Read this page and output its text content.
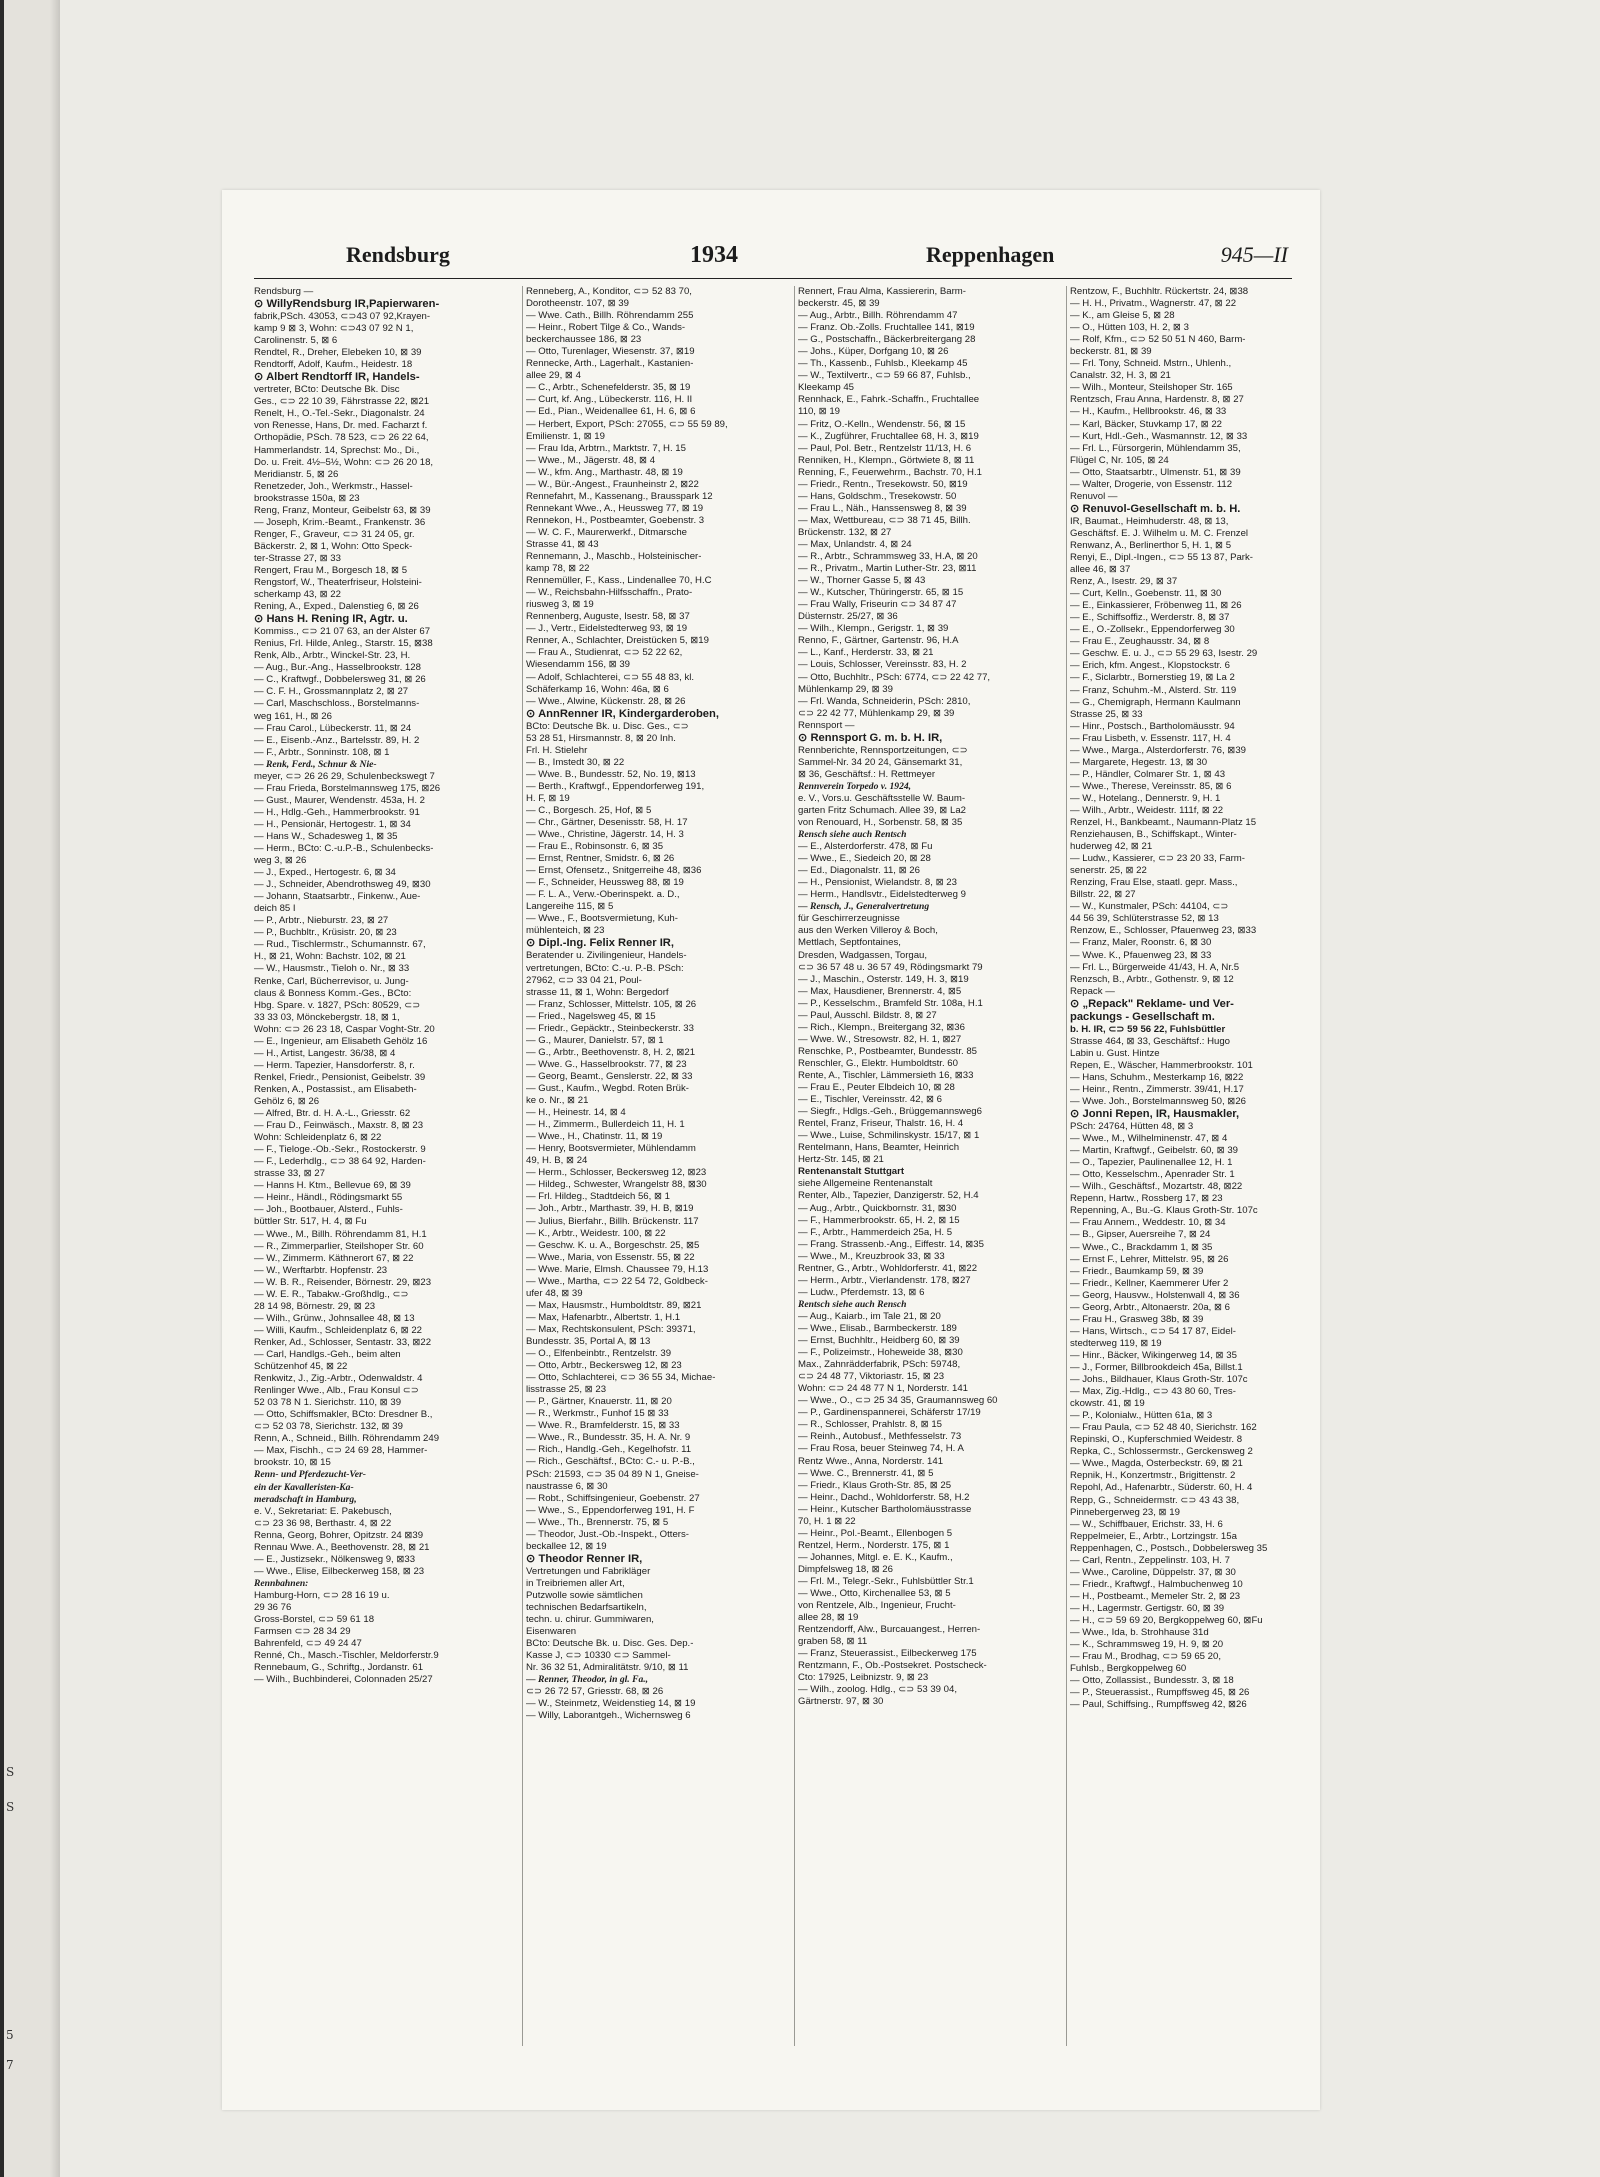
S
S
5
7
Rendsburg	1934	Reppenhagen	945—II
Rendsburg —
⊙ WillyRendsburg IR,Papierwaren-
fabrik,PSch. 43053, ⊂⊃43 07 92,Krayen-
kamp 9 ⊠ 3, Wohn: ⊂⊃43 07 92 N 1,
Carolinenstr. 5, ⊠ 6
Rendtel, R., Dreher, Elebeken 10, ⊠ 39
Rendtorff, Adolf, Kaufm., Heidestr. 18
⊙ Albert Rendtorff IR, Handels-
vertreter, BCto: Deutsche Bk. Disc
Ges., ⊂⊃ 22 10 39, Fährstrasse 22, ⊠21
Renelt, H., O.-Tel.-Sekr., Diagonalstr. 24
von Renesse, Hans, Dr. med. Facharzt f.
Orthopädie, PSch. 78 523, ⊂⊃ 26 22 64,
Hammerlandstr. 14, Sprechst: Mo., Di.,
Do. u. Freit. 4½–5½, Wohn: ⊂⊃ 26 20 18,
Meridianstr. 5, ⊠ 26
Renetzeder, Joh., Werkmstr., Hassel-
brookstrasse 150a, ⊠ 23
Reng, Franz, Monteur, Geibelstr 63, ⊠ 39
— Joseph, Krim.-Beamt., Frankenstr. 36
Renger, F., Graveur, ⊂⊃ 31 24 05, gr.
Bäckerstr. 2, ⊠ 1, Wohn: Otto Speck-
ter-Strasse 27, ⊠ 33
Rengert, Frau M., Borgesch 18, ⊠ 5
Rengstorf, W., Theaterfriseur, Holsteini-
scherkamp 43, ⊠ 22
Rening, A., Exped., Dalenstieg 6, ⊠ 26
⊙ Hans H. Rening IR, Agtr. u.
Kommiss., ⊂⊃ 21 07 63, an der Alster 67
Renius, Frl. Hilde, Anleg., Starstr. 15, ⊠38
Renk, Alb., Arbtr., Winckel-Str. 23, H.
— Aug., Bur.-Ang., Hasselbrookstr. 128
— C., Kraftwgf., Dobbelersweg 31, ⊠ 26
— C. F. H., Grossmannplatz 2, ⊠ 27
— Carl, Maschschloss., Borstelmanns-
weg 161, H., ⊠ 26
— Frau Carol., Lübeckerstr. 11, ⊠ 24
— E., Eisenb.-Anz., Bartelsstr. 89, H. 2
— F., Arbtr., Sonninstr. 108, ⊠ 1
— Renk, Ferd., Schnur & Nie-
meyer, ⊂⊃ 26 26 29, Schulenbeckswegt 7
— Frau Frieda, Borstelmannsweg 175, ⊠26
— Gust., Maurer, Wendenstr. 453a, H. 2
— H., Hdlg.-Geh., Hammerbrookstr. 91
— H., Pensionär, Hertogestr. 1, ⊠ 34
— Hans W., Schadesweg 1, ⊠ 35
— Herm., BCto: C.-u.P.-B., Schulenbecks-
weg 3, ⊠ 26
— J., Exped., Hertogestr. 6, ⊠ 34
— J., Schneider, Abendrothsweg 49, ⊠30
— Johann, Staatsarbtr., Finkenw., Aue-
deich 85 I
— P., Arbtr., Nieburstr. 23, ⊠ 27
— P., Buchbltr., Krüsistr. 20, ⊠ 23
— Rud., Tischlermstr., Schumannstr. 67,
H., ⊠ 21, Wohn: Bachstr. 102, ⊠ 21
— W., Hausmstr., Tieloh o. Nr., ⊠ 33
Renke, Carl, Bücherrevisor, u. Jung-
claus & Bonness Komm.-Ges., BCto:
Hbg. Spare. v. 1827, PSch: 80529, ⊂⊃
33 33 03, Mönckebergstr. 18, ⊠ 1,
Wohn: ⊂⊃ 26 23 18, Caspar Voght-Str. 20
— E., Ingenieur, am Elisabeth Gehölz 16
— H., Artist, Langestr. 36/38, ⊠ 4
— Herm. Tapezier, Hansdorferstr. 8, r.
Renkel, Friedr., Pensionist, Geibelstr. 39
Renken, A., Postassist., am Elisabeth-
Gehölz 6, ⊠ 26
— Alfred, Btr. d. H. A.-L., Griesstr. 62
— Frau D., Feinwäsch., Maxstr. 8, ⊠ 23
Wohn: Schleidenplatz 6, ⊠ 22
— F., Tieloge.-Ob.-Sekr., Rostockerstr. 9
— F., Lederhdlg., ⊂⊃ 38 64 92, Harden-
strasse 33, ⊠ 27
— Hanns H. Ktm., Bellevue 69, ⊠ 39
— Heinr., Händl., Rödingsmarkt 55
— Joh., Bootbauer, Alsterd., Fuhls-
büttler Str. 517, H. 4, ⊠ Fu
— Wwe., M., Billh. Röhrendamm 81, H.1
— R., Zimmerparlier, Steilshoper Str. 60
— W., Zimmerm. Käthnerort 67, ⊠ 22
— W., Werftarbtr. Hopfenstr. 23
— W. B. R., Reisender, Börnestr. 29, ⊠23
— W. E. R., Tabakw.-Großhdlg., ⊂⊃
28 14 98, Börnestr. 29, ⊠ 23
— Wilh., Grünw., Johnsallee 48, ⊠ 13
— Willi, Kaufm., Schleidenplatz 6, ⊠ 22
Renker, Ad., Schlosser, Sentastr. 33, ⊠22
— Carl, Handlgs.-Geh., beim alten
Schützenhof 45, ⊠ 22
Renkwitz, J., Zig.-Arbtr., Odenwaldstr. 4
Renlinger Wwe., Alb., Frau Konsul ⊂⊃
52 03 78 N 1. Sierichstr. 110, ⊠ 39
— Otto, Schiffsmakler, BCto: Dresdner B.,
⊂⊃ 52 03 78, Sierichstr. 132, ⊠ 39
Renn, A., Schneid., Billh. Röhrendamm 249
— Max, Fischh., ⊂⊃ 24 69 28, Hammer-
brookstr. 10, ⊠ 15
Renn- und Pferdezucht-Ver-
ein der Kavalleristen-Ka-
meradschaft in Hamburg,
e. V., Sekretariat: E. Pakebusch,
⊂⊃ 23 36 98, Berthastr. 4, ⊠ 22
Renna, Georg, Bohrer, Opitzstr. 24 ⊠39
Rennau Wwe. A., Beethovenstr. 28, ⊠ 21
— E., Justizsekr., Nölkensweg 9, ⊠33
— Wwe., Elise, Eilbeckerweg 158, ⊠ 23
Rennbahnen:
Hamburg-Horn, ⊂⊃ 28 16 19 u.
29 36 76
Gross-Borstel, ⊂⊃ 59 61 18
Farmsen ⊂⊃ 28 34 29
Bahrenfeld, ⊂⊃ 49 24 47
Renné, Ch., Masch.-Tischler, Meldorferstr.9
Rennebaum, G., Schriftg., Jordanstr. 61
— Wilh., Buchbinderei, Colonnaden 25/27
Renneberg, A., Konditor, ⊂⊃ 52 83 70,
Dorotheenstr. 107, ⊠ 39
— Wwe. Cath., Billh. Röhrendamm 255
— Heinr., Robert Tilge & Co., Wands-
beckerchaussee 186, ⊠ 23
— Otto, Turenlager, Wiesenstr. 37, ⊠19
Rennecke, Arth., Lagerhalt., Kastanien-
allee 29, ⊠ 4
— C., Arbtr., Schenefelderstr. 35, ⊠ 19
— Curt, kf. Ang., Lübeckerstr. 116, H. II
— Ed., Pian., Weidenallee 61, H. 6, ⊠ 6
— Herbert, Export, PSch: 27055, ⊂⊃ 55 59 89,
Emilienstr. 1, ⊠ 19
— Frau Ida, Arbtrn., Marktstr. 7, H. 15
— Wwe., M., Jägerstr. 48, ⊠ 4
— W., kfm. Ang., Marthastr. 48, ⊠ 19
— W., Bür.-Angest., Fraunheinstr 2, ⊠22
Rennefahrt, M., Kassenang., Brausspark 12
Rennekant Wwe., A., Heussweg 77, ⊠ 19
Rennekon, H., Postbeamter, Goebenstr. 3
— W. C. F., Maurerwerkf., Ditmarsche
Strasse 41, ⊠ 43
Rennemann, J., Maschb., Holsteinischer-
kamp 78, ⊠ 22
Rennemüller, F., Kass., Lindenallee 70, H.C
— W., Reichsbahn-Hilfsschaffn., Prato-
riusweg 3, ⊠ 19
Rennenberg, Auguste, Isestr. 58, ⊠ 37
— J., Vertr., Eidelstedterweg 93, ⊠ 19
Renner, A., Schlachter, Dreistücken 5, ⊠19
— Frau A., Studienrat, ⊂⊃ 52 22 62,
Wiesendamm 156, ⊠ 39
— Adolf, Schlachterei, ⊂⊃ 55 48 83, kl.
Schäferkamp 16, Wohn: 46a, ⊠ 6
— Wwe., Alwine, Kückenstr. 28, ⊠ 26
⊙ AnnRenner IR, Kindergarderoben,
BCto: Deutsche Bk. u. Disc. Ges., ⊂⊃
53 28 51, Hirsmannstr. 8, ⊠ 20 Inh.
Frl. H. Stielehr
— B., Imstedt 30, ⊠ 22
— Wwe. B., Bundesstr. 52, No. 19, ⊠13
— Berth., Kraftwgf., Eppendorferweg 191,
H. F, ⊠ 19
— C., Borgesch. 25, Hof, ⊠ 5
— Chr., Gärtner, Desenisstr. 58, H. 17
— Wwe., Christine, Jägerstr. 14, H. 3
— Frau E., Robinsonstr. 6, ⊠ 35
— Ernst, Rentner, Smidstr. 6, ⊠ 26
— Ernst, Ofensetz., Snitgerreihe 48, ⊠36
— F., Schneider, Heussweg 88, ⊠ 19
— F. L. A., Verw.-Oberinspekt. a. D.,
Langereihe 115, ⊠ 5
— Wwe., F., Bootsvermietung, Kuh-
mühlenteich, ⊠ 23
⊙ Dipl.-Ing. Felix Renner IR,
Beratender u. Zivilingenieur, Handels-
vertretungen, BCto: C.-u. P.-B. PSch:
27962, ⊂⊃ 33 04 21, Poul-
strasse 11, ⊠ 1, Wohn: Bergedorf
— Franz, Schlosser, Mittelstr. 105, ⊠ 26
— Fried., Nagelsweg 45, ⊠ 15
— Friedr., Gepäcktr., Steinbeckerstr. 33
— G., Maurer, Danielstr. 57, ⊠ 1
— G., Arbtr., Beethovenstr. 8, H. 2, ⊠21
— Wwe. G., Hasselbrookstr. 77, ⊠ 23
— Georg, Beamt., Genslerstr. 22, ⊠ 33
— Gust., Kaufm., Wegbd. Roten Brük-
ke o. Nr., ⊠ 21
— H., Heinestr. 14, ⊠ 4
— H., Zimmerm., Bullerdeich 11, H. 1
— Wwe., H., Chatinstr. 11, ⊠ 19
— Henry, Bootsvermieter, Mühlendamm
49, H. B, ⊠ 24
— Herm., Schlosser, Beckersweg 12, ⊠23
— Hildeg., Schwester, Wrangelstr 88, ⊠30
— Frl. Hildeg., Stadtdeich 56, ⊠ 1
— Joh., Arbtr., Marthastr. 39, H. B, ⊠19
— Julius, Bierfahr., Billh. Brückenstr. 117
— K., Arbtr., Weidestr. 100, ⊠ 22
— Geschw. K. u. A., Borgeschstr. 25, ⊠5
— Wwe., Maria, von Essenstr. 55, ⊠ 22
— Wwe. Marie, Elmsh. Chaussee 79, H.13
— Wwe., Martha, ⊂⊃ 22 54 72, Goldbeck-
ufer 48, ⊠ 39
— Max, Hausmstr., Humboldtstr. 89, ⊠21
— Max, Hafenarbtr., Albertstr. 1, H.1
— Max, Rechtskonsulent, PSch: 39371,
Bundesstr. 35, Portal A, ⊠ 13
— O., Elfenbeinbtr., Rentzelstr. 39
— Otto, Arbtr., Beckersweg 12, ⊠ 23
— Otto, Schlachterei, ⊂⊃ 36 55 34, Michae-
lisstrasse 25, ⊠ 23
— P., Gärtner, Knauerstr. 11, ⊠ 20
— R., Werkmstr., Funhof 15 ⊠ 33
— Wwe. R., Bramfelderstr. 15, ⊠ 33
— Wwe., R., Bundesstr. 35, H. A. Nr. 9
— Rich., Handlg.-Geh., Kegelhofstr. 11
— Rich., Geschäftsf., BCto: C.- u. P.-B.,
PSch: 21593, ⊂⊃ 35 04 89 N 1, Gneise-
naustrasse 6, ⊠ 30
— Robt., Schiffsingenieur, Goebenstr. 27
— Wwe., S., Eppendorferweg 191, H. F
— Wwe., Th., Brennerstr. 75, ⊠ 5
— Theodor, Just.-Ob.-Inspekt., Otters-
beckallee 12, ⊠ 19
⊙ Theodor Renner IR,
Vertretungen und Fabrikläger
in Treibriemen aller Art,
Putzwolle sowie sämtlichen
technischen Bedarfsartikeln,
techn. u. chirur. Gummiwaren,
Eisenwaren
BCto: Deutsche Bk. u. Disc. Ges. Dep.-
Kasse J, ⊂⊃ 10330 ⊂⊃ Sammel-
Nr. 36 32 51, Admiralitätstr. 9/10, ⊠ 11
— Renner, Theodor, in gl. Fa.,
⊂⊃ 26 72 57, Griesstr. 68, ⊠ 26
— W., Steinmetz, Weidenstieg 14, ⊠ 19
— Willy, Laborantgeh., Wichernsweg 6
Rennert, Frau Alma, Kassiererin, Barm-
beckerstr. 45, ⊠ 39
— Aug., Arbtr., Billh. Röhrendamm 47
— Franz. Ob.-Zolls. Fruchtallee 141, ⊠19
— G., Postschaffn., Bäckerbreitergang 28
— Johs., Küper, Dorfgang 10, ⊠ 26
— Th., Kassenb., Fuhlsb., Kleekamp 45
— W., Textilvertr., ⊂⊃ 59 66 87, Fuhlsb.,
Kleekamp 45
Rennhack, E., Fahrk.-Schaffn., Fruchtallee
110, ⊠ 19
— Fritz, O.-Kelln., Wendenstr. 56, ⊠ 15
— K., Zugführer, Fruchtallee 68, H. 3, ⊠19
— Paul, Pol. Betr., Rentzelstr 11/13, H. 6
Renniken, H., Klempn., Görtwiete 8, ⊠ 11
Renning, F., Feuerwehrm., Bachstr. 70, H.1
— Friedr., Rentn., Tresekowstr. 50, ⊠19
— Hans, Goldschm., Tresekowstr. 50
— Frau L., Näh., Hanssensweg 8, ⊠ 39
— Max, Wettbureau, ⊂⊃ 38 71 45, Billh.
Brückenstr. 132, ⊠ 27
— Max, Unlandstr. 4, ⊠ 24
— R., Arbtr., Schrammsweg 33, H.A, ⊠ 20
— R., Privatm., Martin Luther-Str. 23, ⊠11
— W., Thorner Gasse 5, ⊠ 43
— W., Kutscher, Thüringerstr. 65, ⊠ 15
— Frau Wally, Friseurin ⊂⊃ 34 87 47
Düsternstr. 25/27, ⊠ 36
— Wilh., Klempn., Gerigstr. 1, ⊠ 39
Renno, F., Gärtner, Gartenstr. 96, H.A
— L., Kanf., Herderstr. 33, ⊠ 21
— Louis, Schlosser, Vereinsstr. 83, H. 2
— Otto, Buchhltr., PSch: 6774, ⊂⊃ 22 42 77,
Mühlenkamp 29, ⊠ 39
— Frl. Wanda, Schneiderin, PSch: 2810,
⊂⊃ 22 42 77, Mühlenkamp 29, ⊠ 39
Rennsport —
⊙ Rennsport G. m. b. H. IR,
Rennberichte, Rennsportzeitungen, ⊂⊃
Sammel-Nr. 34 20 24, Gänsemarkt 31,
⊠ 36, Geschäftsf.: H. Rettmeyer
Rennverein Torpedo v. 1924,
e. V., Vors.u. Geschäftsstelle W. Baum-
garten Fritz Schumach. Allee 39, ⊠ La2
von Renouard, H., Sorbenstr. 58, ⊠ 35
Rensch siehe auch Rentsch
— E., Alsterdorferstr. 478, ⊠ Fu
— Wwe., E., Siedeich 20, ⊠ 28
— Ed., Diagonalstr. 11, ⊠ 26
— H., Pensionist, Wielandstr. 8, ⊠ 23
— Herm., Handlsvtr., Eidelstedterweg 9
— Rensch, J., Generalvertretung
für Geschirrerzeugnisse
aus den Werken Villeroy & Boch,
Mettlach, Septfontaines,
Dresden, Wadgassen, Torgau,
⊂⊃ 36 57 48 u. 36 57 49, Rödingsmarkt 79
— J., Maschin., Osterstr. 149, H. 3, ⊠19
— Max, Hausdiener, Brennerstr. 4, ⊠5
— P., Kesselschm., Bramfeld Str. 108a, H.1
— Paul, Ausschl. Bildstr. 8, ⊠ 27
— Rich., Klempn., Breitergang 32, ⊠36
— Wwe. W., Stresowstr. 82, H. 1, ⊠27
Renschke, P., Postbeamter, Bundesstr. 85
Renschler, G., Elektr. Humboldtstr. 60
Rente, A., Tischler, Lämmersieth 16, ⊠33
— Frau E., Peuter Elbdeich 10, ⊠ 28
— E., Tischler, Vereinsstr. 42, ⊠ 6
— Siegfr., Hdlgs.-Geh., Brüggemannsweg6
Rentel, Franz, Friseur, Thalstr. 16, H. 4
— Wwe., Luise, Schmilinskystr. 15/17, ⊠ 1
Rentelmann, Hans, Beamter, Heinrich
Hertz-Str. 145, ⊠ 21
Rentenanstalt Stuttgart
siehe Allgemeine Rentenanstalt
Renter, Alb., Tapezier, Danzigerstr. 52, H.4
— Aug., Arbtr., Quickbornstr. 31, ⊠30
— F., Hammerbrookstr. 65, H. 2, ⊠ 15
— F., Arbtr., Hammerdeich 25a, H. 5
— Frang. Strassenb.-Ang., Eiffestr. 14, ⊠35
— Wwe., M., Kreuzbrook 33, ⊠ 33
Rentner, G., Arbtr., Wohldorferstr. 41, ⊠22
— Herm., Arbtr., Vierlandenstr. 178, ⊠27
— Ludw., Pferdemstr. 13, ⊠ 6
Rentsch siehe auch Rensch
— Aug., Kaiarb., im Tale 21, ⊠ 20
— Wwe., Elisab., Barmbeckerstr. 189
— Ernst, Buchhltr., Heidberg 60, ⊠ 39
— F., Polizeimstr., Hoheweide 38, ⊠30
Max., Zahnrädderfabrik, PSch: 59748,
⊂⊃ 24 48 77, Viktoriastr. 15, ⊠ 23
Wohn: ⊂⊃ 24 48 77 N 1, Norderstr. 141
— Wwe., O., ⊂⊃ 25 34 35, Graumannsweg 60
— P., Gardinenspannerei, Schäferstr 17/19
— R., Schlosser, Prahlstr. 8, ⊠ 15
— Reinh., Autobusf., Methfesselstr. 73
— Frau Rosa, beuer Steinweg 74, H. A
Rentz Wwe., Anna, Norderstr. 141
— Wwe. C., Brennerstr. 41, ⊠ 5
— Friedr., Klaus Groth-Str. 85, ⊠ 25
— Heinr., Dachd., Wohldorferstr. 58, H.2
— Heinr., Kutscher Bartholomäusstrasse
70, H. 1 ⊠ 22
— Heinr., Pol.-Beamt., Ellenbogen 5
Rentzel, Herm., Norderstr. 175, ⊠ 1
— Johannes, Mitgl. e. E. K., Kaufm.,
Dimpfelsweg 18, ⊠ 26
— Frl. M., Telegr.-Sekr., Fuhlsbüttler Str.1
— Wwe., Otto, Kirchenallee 53, ⊠ 5
von Rentzele, Alb., Ingenieur, Frucht-
allee 28, ⊠ 19
Rentzendorff, Alw., Burcauangest., Herren-
graben 58, ⊠ 11
— Franz, Steuerassist., Eilbeckerweg 175
Rentzmann, F., Ob.-Postsekret. Postscheck-
Cto: 17925, Leibnizstr. 9, ⊠ 23
— Wilh., zoolog. Hdlg., ⊂⊃ 53 39 04,
Gärtnerstr. 97, ⊠ 30
Rentzow, F., Buchhltr. Rückertstr. 24, ⊠38
— H. H., Privatm., Wagnerstr. 47, ⊠ 22
— K., am Gleise 5, ⊠ 28
— O., Hütten 103, H. 2, ⊠ 3
— Rolf, Kfm., ⊂⊃ 52 50 51 N 460, Barm-
beckerstr. 81, ⊠ 39
— Frl. Tony, Schneid. Mstrn., Uhlenh.,
Canalstr. 32, H. 3, ⊠ 21
— Wilh., Monteur, Steilshoper Str. 165
Rentzsch, Frau Anna, Hardenstr. 8, ⊠ 27
— H., Kaufm., Hellbrookstr. 46, ⊠ 33
— Karl, Bäcker, Stuvkamp 17, ⊠ 22
— Kurt, Hdl.-Geh., Wasmannstr. 12, ⊠ 33
— Frl. L., Fürsorgerin, Mühlendamm 35,
Flügel C, Nr. 105, ⊠ 24
— Otto, Staatsarbtr., Ulmenstr. 51, ⊠ 39
— Walter, Drogerie, von Essenstr. 112
Renuvol —
⊙ Renuvol-Gesellschaft m. b. H.
IR, Baumat., Heimhuderstr. 48, ⊠ 13,
Geschäftsf. E. J. Wilhelm u. M. C. Frenzel
Renwanz, A., Berlinerthor 5, H. 1, ⊠ 5
Renyi, E., Dipl.-Ingen., ⊂⊃ 55 13 87, Park-
allee 46, ⊠ 37
Renz, A., Isestr. 29, ⊠ 37
— Curt, Kelln., Goebenstr. 11, ⊠ 30
— E., Einkassierer, Fröbenweg 11, ⊠ 26
— E., Schiffsoffiz., Werderstr. 8, ⊠ 37
— E., O.-Zollsekr., Eppendorferweg 30
— Frau E., Zeughausstr. 34, ⊠ 8
— Geschw. E. u. J., ⊂⊃ 55 29 63, Isestr. 29
— Erich, kfm. Angest., Klopstockstr. 6
— F., Siclarbtr., Bornerstieg 19, ⊠ La 2
— Franz, Schuhm.-M., Alsterd. Str. 119
— G., Chemigraph, Hermann Kaulmann
Strasse 25, ⊠ 33
— Hinr., Postsch., Bartholomäusstr. 94
— Frau Lisbeth, v. Essenstr. 117, H. 4
— Wwe., Marga., Alsterdorferstr. 76, ⊠39
— Margarete, Hegestr. 13, ⊠ 30
— P., Händler, Colmarer Str. 1, ⊠ 43
— Wwe., Therese, Vereinsstr. 85, ⊠ 6
— W., Hotelang., Dennerstr. 9, H. 1
— Wilh., Arbtr., Weidestr. 111f, ⊠ 22
Renzel, H., Bankbeamt., Naumann-Platz 15
Renziehausen, B., Schiffskapt., Winter-
huderweg 42, ⊠ 21
— Ludw., Kassierer, ⊂⊃ 23 20 33, Farm-
senerstr. 25, ⊠ 22
Renzing, Frau Else, staatl. gepr. Mass.,
Billstr. 22, ⊠ 27
— W., Kunstmaler, PSch: 44104, ⊂⊃
44 56 39, Schlüterstrasse 52, ⊠ 13
Renzow, E., Schlosser, Pfauenweg 23, ⊠33
— Franz, Maler, Roonstr. 6, ⊠ 30
— Wwe. K., Pfauenweg 23, ⊠ 33
— Frl. L., Bürgerweide 41/43, H. A, Nr.5
Renzsch, B., Arbtr., Gothenstr. 9, ⊠ 12
Repack —
⊙ „Repack" Reklame- und Ver-
packungs - Gesellschaft m.
b. H. IR, ⊂⊃ 59 56 22, Fuhlsbüttler
Strasse 464, ⊠ 33, Geschäftsf.: Hugo
Labin u. Gust. Hintze
Repen, E., Wäscher, Hammerbrookstr. 101
— Hans, Schuhm., Mesterkamp 16, ⊠22
— Heinr., Rentn., Zimmerstr. 39/41, H.17
— Wwe. Joh., Borstelmannsweg 50, ⊠26
⊙ Jonni Repen, IR, Hausmakler,
PSch: 24764, Hütten 48, ⊠ 3
— Wwe., M., Wilhelminenstr. 47, ⊠ 4
— Martin, Kraftwgf., Geibelstr. 60, ⊠ 39
— O., Tapezier, Paulinenallee 12, H. 1
— Otto, Kesselschm., Apenrader Str. 1
— Wilh., Geschäftsf., Mozartstr. 48, ⊠22
Repenn, Hartw., Rossberg 17, ⊠ 23
Repenning, A., Bu.-G. Klaus Groth-Str. 107c
— Frau Annem., Weddestr. 10, ⊠ 34
— B., Gipser, Auersreihe 7, ⊠ 24
— Wwe., C., Brackdamm 1, ⊠ 35
— Ernst F., Lehrer, Mittelstr. 95, ⊠ 26
— Friedr., Baumkamp 59, ⊠ 39
— Friedr., Kellner, Kaemmerer Ufer 2
— Georg, Hausvw., Holstenwall 4, ⊠ 36
— Georg, Arbtr., Altonaerstr. 20a, ⊠ 6
— Frau H., Grasweg 38b, ⊠ 39
— Hans, Wirtsch., ⊂⊃ 54 17 87, Eidel-
stedterweg 119, ⊠ 19
— Hinr., Bäcker, Wikingerweg 14, ⊠ 35
— J., Former, Billbrookdeich 45a, Billst.1
— Johs., Bildhauer, Klaus Groth-Str. 107c
— Max, Zig.-Hdlg., ⊂⊃ 43 80 60, Tres-
ckowstr. 41, ⊠ 19
— P., Kolonialw., Hütten 61a, ⊠ 3
— Frau Paula, ⊂⊃ 52 48 40, Sierichstr. 162
Repinski, O., Kupferschmied Weidestr. 8
Repka, C., Schlossermstr., Gerckensweg 2
— Wwe., Magda, Osterbeckstr. 69, ⊠ 21
Repnik, H., Konzertmstr., Brigittenstr. 2
Repohl, Ad., Hafenarbtr., Süderstr. 60, H. 4
Repp, G., Schneidermstr. ⊂⊃ 43 43 38,
Pinnebergerweg 23, ⊠ 19
— W., Schiffbauer, Erichstr. 33, H. 6
Reppelmeier, E., Arbtr., Lortzingstr. 15a
Reppenhagen, C., Postsch., Dobbelersweg 35
— Carl, Rentn., Zeppelinstr. 103, H. 7
— Wwe., Caroline, Düppelstr. 37, ⊠ 30
— Friedr., Kraftwgf., Halmbuchenweg 10
— H., Postbeamt., Memeler Str. 2, ⊠ 23
— H., Lagermstr. Gertigstr. 60, ⊠ 39
— H., ⊂⊃ 59 69 20, Bergkoppelweg 60, ⊠Fu
— Wwe., Ida, b. Strohhause 31d
— K., Schrammsweg 19, H. 9, ⊠ 20
— Frau M., Brodhag, ⊂⊃ 59 65 20,
Fuhlsb., Bergkoppelweg 60
— Otto, Zollassist., Bundesstr. 3, ⊠ 18
— P., Steuerassist., Rumpffsweg 45, ⊠ 26
— Paul, Schiffsing., Rumpffsweg 42, ⊠26
